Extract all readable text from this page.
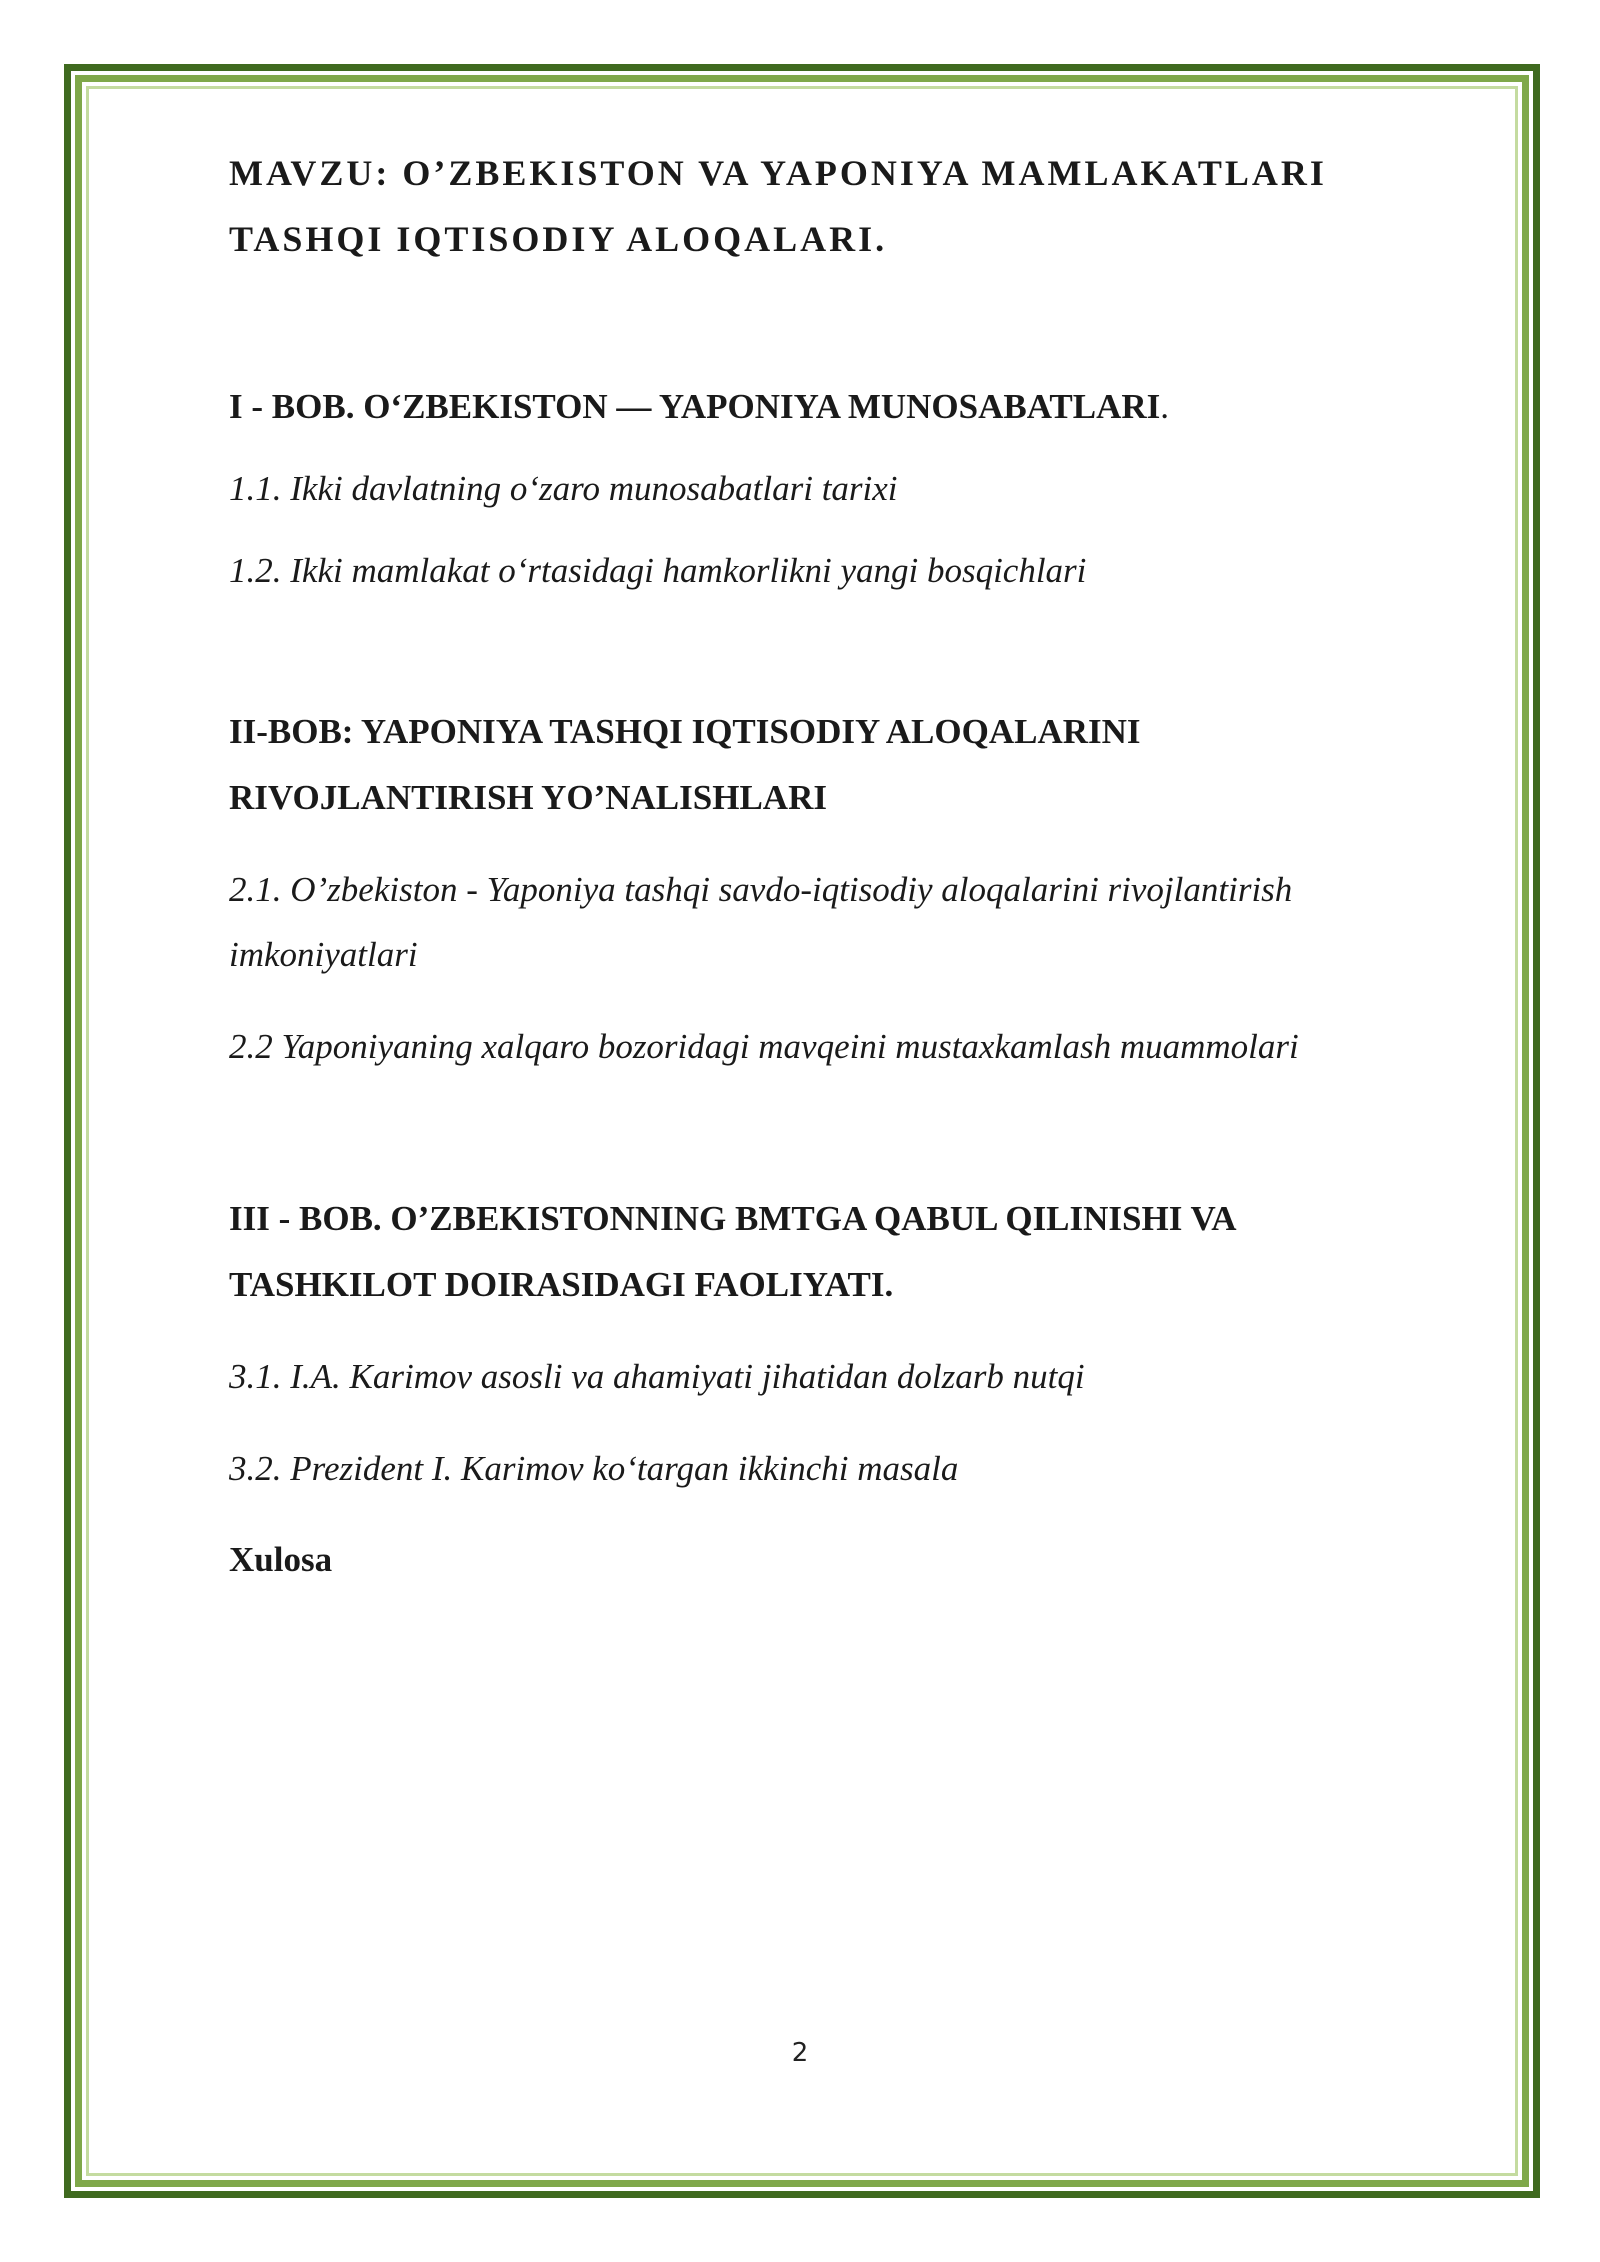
MAVZU: O’ZBEKISTON VA YAPONIYA MAMLAKATLARI
TASHQI IQTISODIY ALOQALARI.
I - BOB. O‘ZBEKISTON — YAPONIYA MUNOSABATLARI.
1.1. Ikki davlatning o‘zaro munosabatlari tarixi
1.2. Ikki mamlakat o‘rtasidagi hamkorlikni yangi bosqichlari
II-BOB: YAPONIYA TASHQI IQTISODIY ALOQALARINI
RIVOJLANTIRISH YO’NALISHLARI
2.1. O’zbekiston - Yaponiya tashqi savdo-iqtisodiy aloqalarini rivojlantirish
imkoniyatlari
2.2 Yaponiyaning xalqaro bozoridagi mavqeini mustaxkamlash muammolari
III - BOB. O’ZBEKISTONNING BMTGA QABUL QILINISHI VA
TASHKILOT DOIRASIDAGI FAOLIYATI.
3.1. I.A. Karimov asosli va ahamiyati jihatidan dolzarb nutqi
3.2. Prezident I. Karimov ko‘targan ikkinchi masala
Xulosa
2
